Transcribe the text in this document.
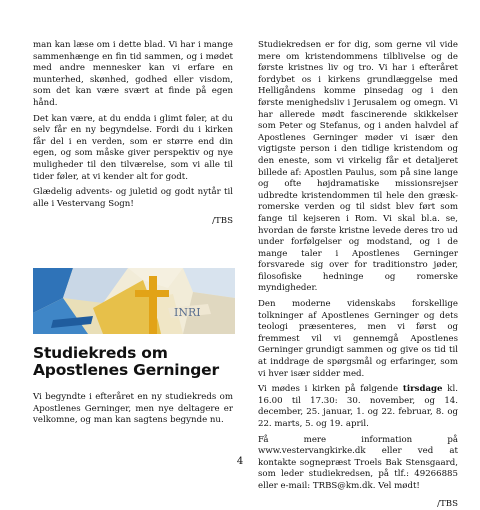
man kan læse om i dette blad. Vi har i mange sammenhænge en fin tid sammen, og i mødet med andre mennesker kan vi erfare en munterhed, skønhed, godhed eller visdom, som det kan være svært at finde på egen hånd.

Det kan være, at du endda i glimt føler, at du selv får en ny begyndelse. Fordi du i kirken får del i en verden, som er større end din egen, og som måske giver perspektiv og nye muligheder til den tilværelse, som vi alle til tider føler, at vi kender alt for godt.

Glædelig advents- og juletid og godt nytår til alle i Vestervang Sogn!

/TBS
INRI
Studiekreds om Apostlenes Gerninger

Vi begyndte i efteråret en ny studiekreds om Apostlenes Gerninger, men nye deltagere er velkomne, og man kan sagtens begynde nu.

Studiekredsen er for dig, som gerne vil vide mere om kristendommens tilblivelse og de første kristnes liv og tro. Vi har i efteråret fordybet os i kirkens grundlæggelse med Helligåndens komme pinsedag og i den første menighedsliv i Jerusalem og omegn. Vi har allerede mødt fascinerende skikkelser som Peter og Stefanus, og i anden halvdel af Apostlenes Gerninger møder vi især den vigtigste person i den tidlige kristendom og den eneste, som vi virkelig får et detaljeret billede af: Apostlen Paulus, som på sine lange og ofte højdramatiske missionsrejser udbredte kristendommen til hele den græsk-romerske verden og til sidst blev ført som fange til kejseren i Rom. Vi skal bl.a. se, hvordan de første kristne levede deres tro ud under forfølgelser og modstand, og i de mange taler i Apostlenes Gerninger forsvarede sig over for traditionstro jøder, filosofiske hedninge og romerske myndigheder.

Den moderne videnskabs forskellige tolkninger af Apostlenes Gerninger og dets teologi præsenteres, men vi først og fremmest vil vi gennemgå Apostlenes Gerninger grundigt sammen og give os tid til at inddrage de spørgsmål og erfaringer, som vi hver især sidder med.

Vi mødes i kirken på følgende tirsdage kl. 16.00 til 17.30: 30. november, og 14. december, 25. januar, 1. og 22. februar, 8. og 22. marts, 5. og 19. april.

Få mere information på www.vestervangkirke.dk eller ved at kontakte sognepræst Troels Bak Stensgaard, som leder studiekredsen, på tlf.: 49266885 eller e-mail: TRBS@km.dk. Vel mødt!

/TBS
4
